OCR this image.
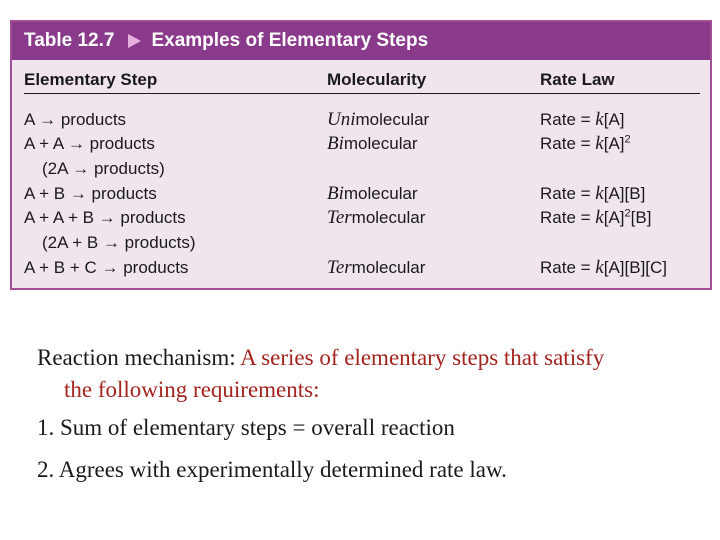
Table 12.7 Examples of Elementary Steps
Elementary Step	Molecularity	Rate Law
A → products	Unimolecular	Rate = k[A]
A + A → products	Bimolecular	Rate = $k[A]^2$
(2A → products)
A + B → products	Bimolecular	Rate = k[A][B]
A + A + B → products	Termolecular	Rate = $k[A]^2[B]$
(2A + B → products)
A + B + C → products	Termolecular	Rate = k[A][B][C]
Reaction mechanism: A series of elementary steps that satisfy
the following requirements:
1. Sum of elementary steps = overall reaction
2. Agrees with experimentally determined rate law.
